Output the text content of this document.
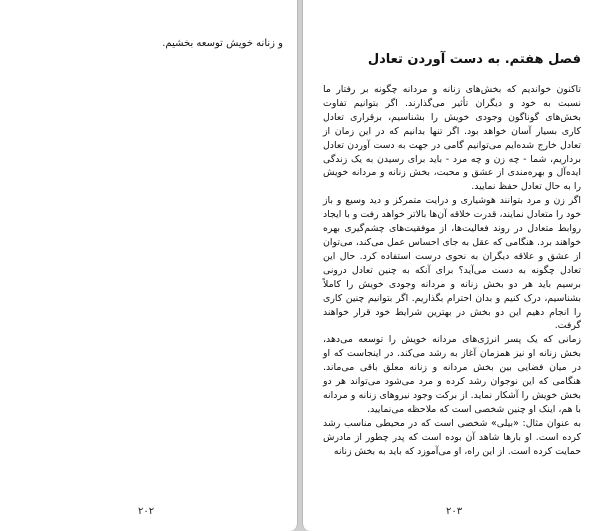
و زنانه خویش توسعه بخشیم.
۲۰۲
فصل هفتم. به دست آوردن تعادل

تاکنون خواندیم که بخش‌های زنانه و مردانه چگونه بر رفتار ما نسبت به خود و دیگران تأثیر می‌گذارند. اگر بتوانیم تفاوت بخش‌های گوناگون وجودی خویش را بشناسیم، برقراری تعادل کاری بسیار آسان خواهد بود. اگر تنها بدانیم که در این زمان از تعادل خارج شده‌ایم می‌توانیم گامی در جهت به دست آوردن تعادل برداریم، شما - چه زن و چه مرد - باید برای رسیدن به یک زندگی ایده‌آل و بهره‌مندی از عشق و محبت، بخش زنانه و مردانه خویش را به حال تعادل حفظ نمایید.

اگر زن و مرد بتوانند هوشیاری و درایت متمرکز و دید وسیع و باز خود را متعادل نمایند، قدرت خلاقه آن‌ها بالاتر خواهد رفت و با ایجاد روابط متعادل در روند فعالیت‌ها، از موفقیت‌های چشم‌گیری بهره خواهند برد. هنگامی که عقل به جای احساس عمل می‌کند، می‌توان از عشق و علاقه دیگران به نحوی درست استفاده کرد. حال این تعادل چگونه به دست می‌آید؟ برای آنکه به چنین تعادل درونی برسیم باید هر دو بخش زنانه و مردانه وجودی خویش را کاملاً بشناسیم، درک کنیم و بدان احترام بگذاریم. اگر بتوانیم چنین کاری را انجام دهیم این دو بخش در بهترین شرایط خود قرار خواهند گرفت.

زمانی که یک پسر انرژی‌های مردانه خویش را توسعه می‌دهد، بخش زنانه او نیز همزمان آغاز به رشد می‌کند. در اینجاست که او در میان فضایی بین بخش مردانه و زنانه معلق باقی می‌ماند. هنگامی که این نوجوان رشد کرده و مرد می‌شود می‌تواند هر دو بخش خویش را آشکار نماید. از برکت وجود نیروهای زنانه و مردانه با هم، اینک او چنین شخصی است که ملاحظه می‌نمایید.

به عنوان مثال: «بیلی» شخصی است که در محیطی مناسب رشد کرده است. او بارها شاهد آن بوده است که پدر چطور از مادرش حمایت کرده است. از این راه، او می‌آموزد که باید به بخش زنانه

۲۰۳
